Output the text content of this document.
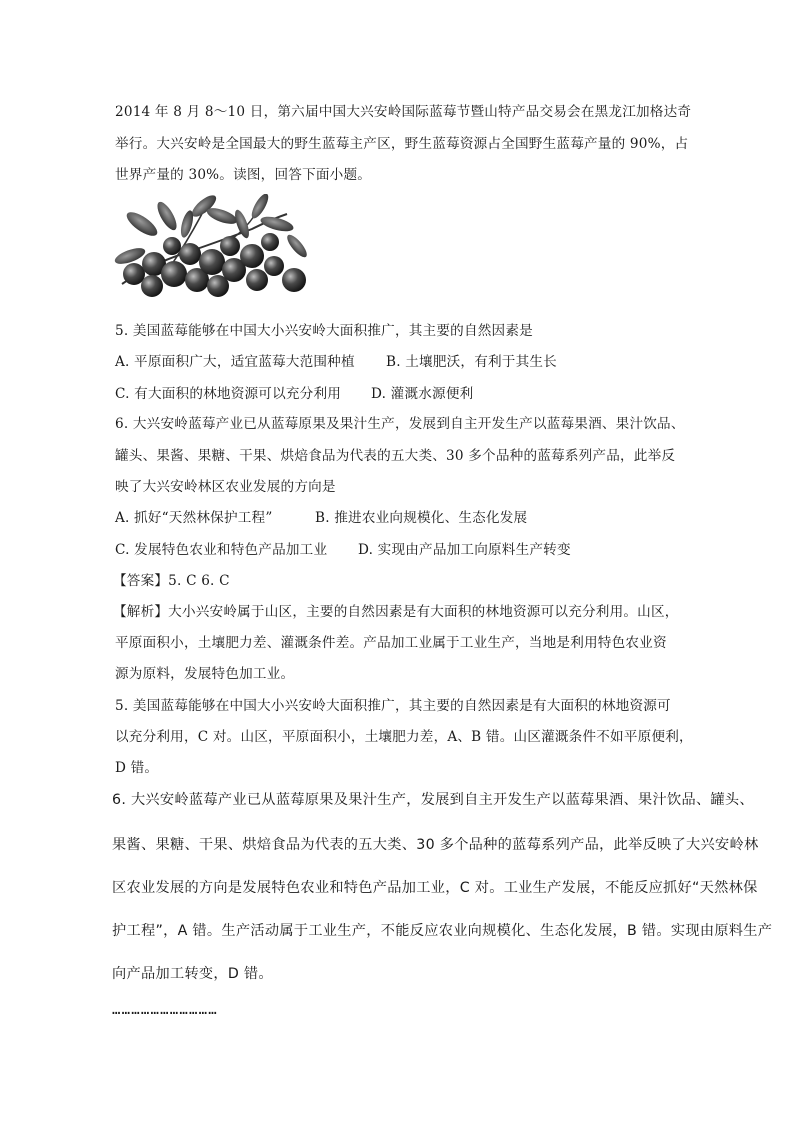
2014 年 8 月 8～10 日，第六届中国大兴安岭国际蓝莓节暨山特产品交易会在黑龙江加格达奇
举行。大兴安岭是全国最大的野生蓝莓主产区，野生蓝莓资源占全国野生蓝莓产量的 90%，占
世界产量的 30%。读图，回答下面小题。
5. 美国蓝莓能够在中国大小兴安岭大面积推广，其主要的自然因素是
A. 平原面积广大，适宜蓝莓大范围种植 B. 土壤肥沃，有利于其生长
C. 有大面积的林地资源可以充分利用 D. 灌溉水源便利
6. 大兴安岭蓝莓产业已从蓝莓原果及果汁生产，发展到自主开发生产以蓝莓果酒、果汁饮品、
罐头、果酱、果糖、干果、烘焙食品为代表的五大类、30 多个品种的蓝莓系列产品，此举反
映了大兴安岭林区农业发展的方向是
A. 抓好“天然林保护工程”	B. 推进农业向规模化、生态化发展
C. 发展特色农业和特色产品加工业 D. 实现由产品加工向原料生产转变
【答案】5. C 6. C
【解析】大小兴安岭属于山区，主要的自然因素是有大面积的林地资源可以充分利用。山区，
平原面积小，土壤肥力差、灌溉条件差。产品加工业属于工业生产，当地是利用特色农业资
源为原料，发展特色加工业。
5. 美国蓝莓能够在中国大小兴安岭大面积推广，其主要的自然因素是有大面积的林地资源可
以充分利用，C 对。山区，平原面积小，土壤肥力差，A、B 错。山区灌溉条件不如平原便利，
D 错。
6. 大兴安岭蓝莓产业已从蓝莓原果及果汁生产，发展到自主开发生产以蓝莓果酒、果汁饮品、罐头、
果酱、果糖、干果、烘焙食品为代表的五大类、30 多个品种的蓝莓系列产品，此举反映了大兴安岭林
区农业发展的方向是发展特色农业和特色产品加工业，C 对。工业生产发展，不能反应抓好“天然林保
护工程”，A 错。生产活动属于工业生产，不能反应农业向规模化、生态化发展，B 错。实现由原料生产
向产品加工转变，D 错。
……………………………
